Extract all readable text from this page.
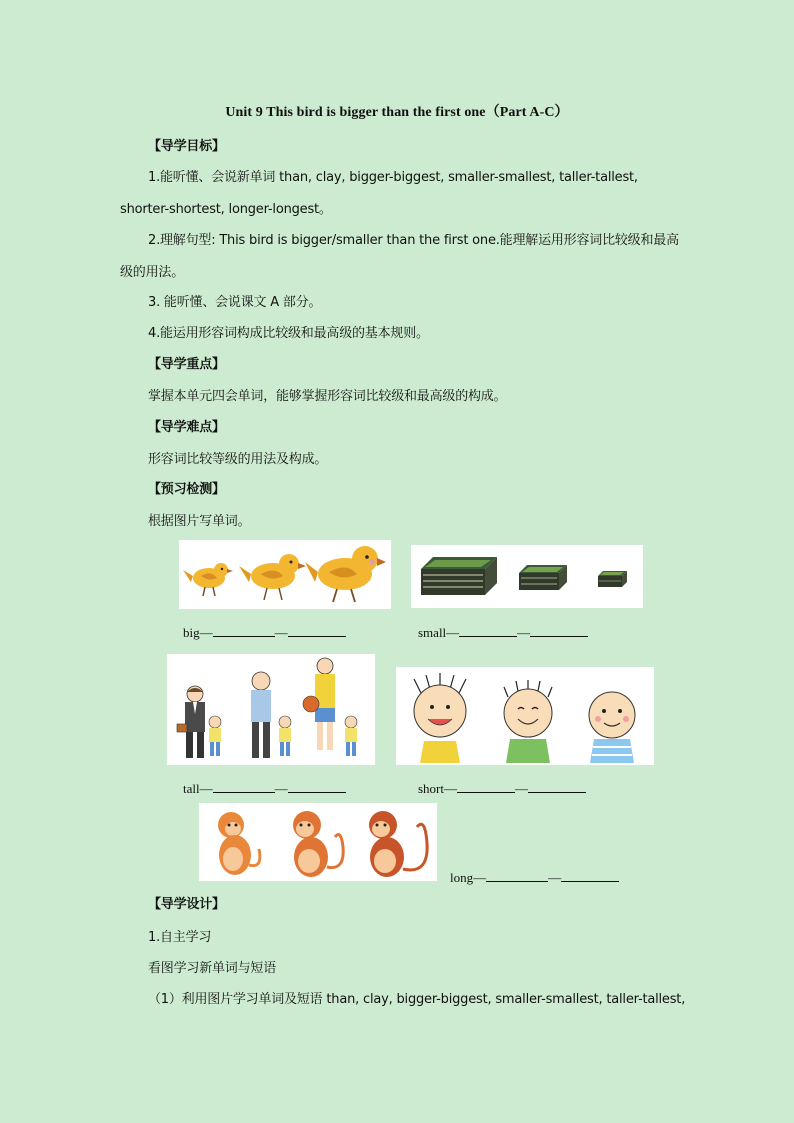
Unit 9 This bird is bigger than the first one（Part A-C）
【导学目标】
1.能听懂、会说新单词 than, clay, bigger-biggest, smaller-smallest, taller-tallest,
shorter-shortest, longer-longest。
2.理解句型: This bird is bigger/smaller than the first one.能理解运用形容词比较级和最高
级的用法。
3. 能听懂、会说课文 A 部分。
4.能运用形容词构成比较级和最高级的基本规则。
【导学重点】
掌握本单元四会单词，能够掌握形容词比较级和最高级的构成。
【导学难点】
形容词比较等级的用法及构成。
【预习检测】
根据图片写单词。
big—	—	small—	—
tall—	—	short—	—
long—	—
【导学设计】
1.自主学习
看图学习新单词与短语
（1）利用图片学习单词及短语 than, clay, bigger-biggest, smaller-smallest, taller-tallest,
